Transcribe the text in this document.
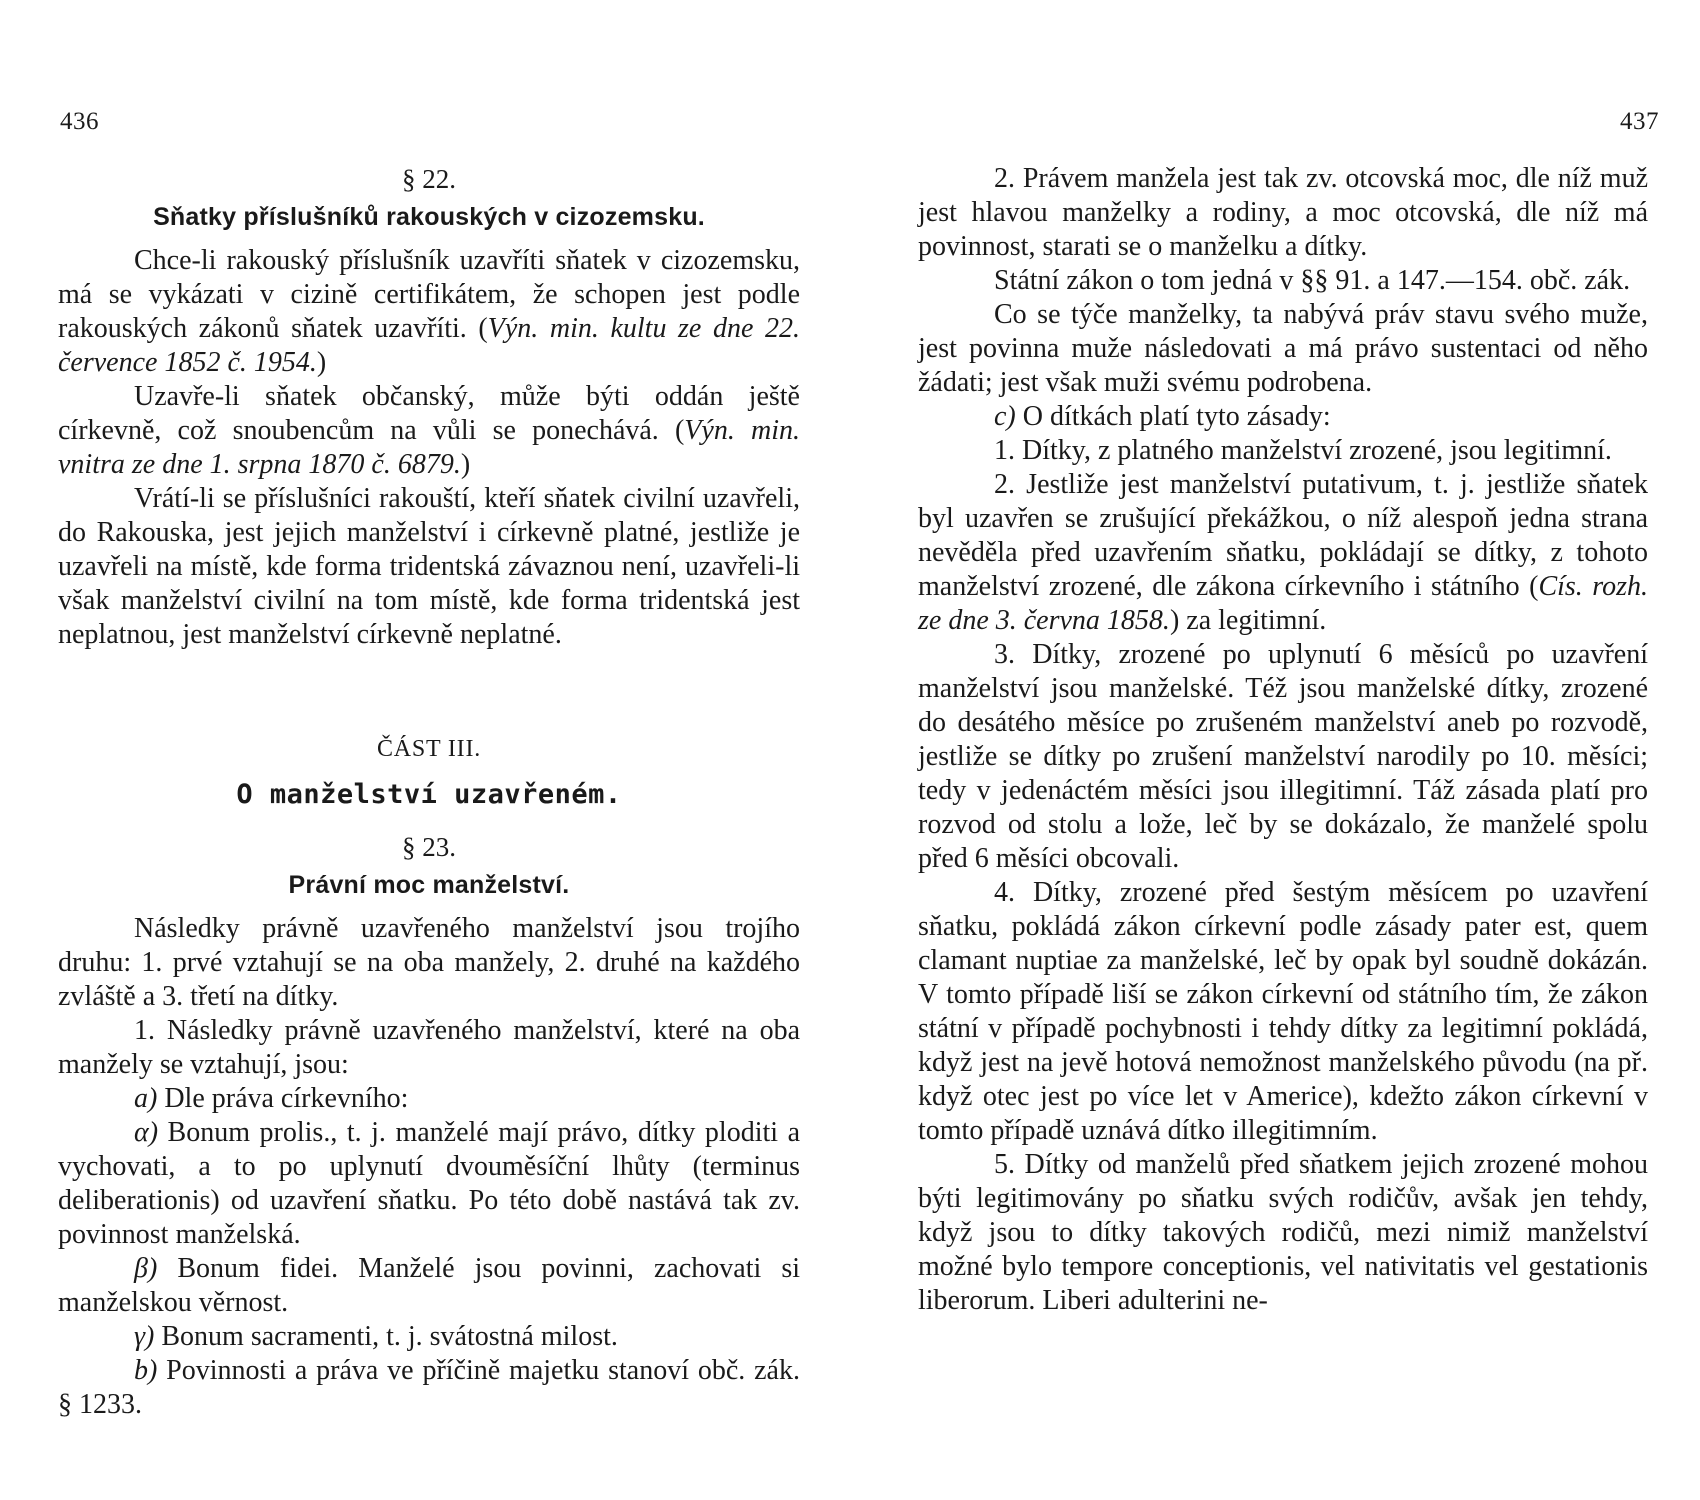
436	437
§ 22.
Sňatky příslušníků rakouských v cizozemsku.

Chce-li rakouský příslušník uzavříti sňatek v cizozemsku, má se vykázati v cizině certifikátem, že schopen jest podle rakouských zákonů sňatek uzavříti. (Výn. min. kultu ze dne 22. července 1852 č. 1954.)

Uzavře-li sňatek občanský, může býti oddán ještě církevně, což snoubencům na vůli se ponechává. (Výn. min. vnitra ze dne 1. srpna 1870 č. 6879.)

Vrátí-li se příslušníci rakouští, kteří sňatek civilní uzavřeli, do Rakouska, jest jejich manželství i církevně platné, jestliže je uzavřeli na místě, kde forma tridentská závaznou není, uzavřeli-li však manželství civilní na tom místě, kde forma tridentská jest neplatnou, jest manželství církevně neplatné.

ČÁST III.
O manželství uzavřeném.
§ 23.
Právní moc manželství.

Následky právně uzavřeného manželství jsou trojího druhu: 1. prvé vztahují se na oba manžely, 2. druhé na každého zvláště a 3. třetí na dítky.

1. Následky právně uzavřeného manželství, které na oba manžely se vztahují, jsou:

a) Dle práva církevního:

α) Bonum prolis., t. j. manželé mají právo, dítky ploditi a vychovati, a to po uplynutí dvouměsíční lhůty (terminus deliberationis) od uzavření sňatku. Po této době nastává tak zv. povinnost manželská.

β) Bonum fidei. Manželé jsou povinni, zachovati si manželskou věrnost.

γ) Bonum sacramenti, t. j. svátostná milost.

b) Povinnosti a práva ve příčině majetku stanoví obč. zák. § 1233.

2. Právem manžela jest tak zv. otcovská moc, dle níž muž jest hlavou manželky a rodiny, a moc otcovská, dle níž má povinnost, starati se o manželku a dítky.

Státní zákon o tom jedná v §§ 91. a 147.—154. obč. zák.

Co se týče manželky, ta nabývá práv stavu svého muže, jest povinna muže následovati a má právo sustentaci od něho žádati; jest však muži svému podrobena.

c) O dítkách platí tyto zásady:

1. Dítky, z platného manželství zrozené, jsou legitimní.

2. Jestliže jest manželství putativum, t. j. jestliže sňatek byl uzavřen se zrušující překážkou, o níž alespoň jedna strana nevěděla před uzavřením sňatku, pokládají se dítky, z tohoto manželství zrozené, dle zákona církevního i státního (Cís. rozh. ze dne 3. června 1858.) za legitimní.

3. Dítky, zrozené po uplynutí 6 měsíců po uzavření manželství jsou manželské. Též jsou manželské dítky, zrozené do desátého měsíce po zrušeném manželství aneb po rozvodě, jestliže se dítky po zrušení manželství narodily po 10. měsíci; tedy v jedenáctém měsíci jsou illegitimní. Táž zásada platí pro rozvod od stolu a lože, leč by se dokázalo, že manželé spolu před 6 měsíci obcovali.

4. Dítky, zrozené před šestým měsícem po uzavření sňatku, pokládá zákon církevní podle zásady pater est, quem clamant nuptiae za manželské, leč by opak byl soudně dokázán. V tomto případě liší se zákon církevní od státního tím, že zákon státní v případě pochybnosti i tehdy dítky za legitimní pokládá, když jest na jevě hotová nemožnost manželského původu (na př. když otec jest po více let v Americe), kdežto zákon církevní v tomto případě uznává dítko illegitimním.

5. Dítky od manželů před sňatkem jejich zrozené mohou býti legitimovány po sňatku svých rodičův, avšak jen tehdy, když jsou to dítky takových rodičů, mezi nimiž manželství možné bylo tempore conceptionis, vel nativitatis vel gestationis liberorum. Liberi adulterini ne-
